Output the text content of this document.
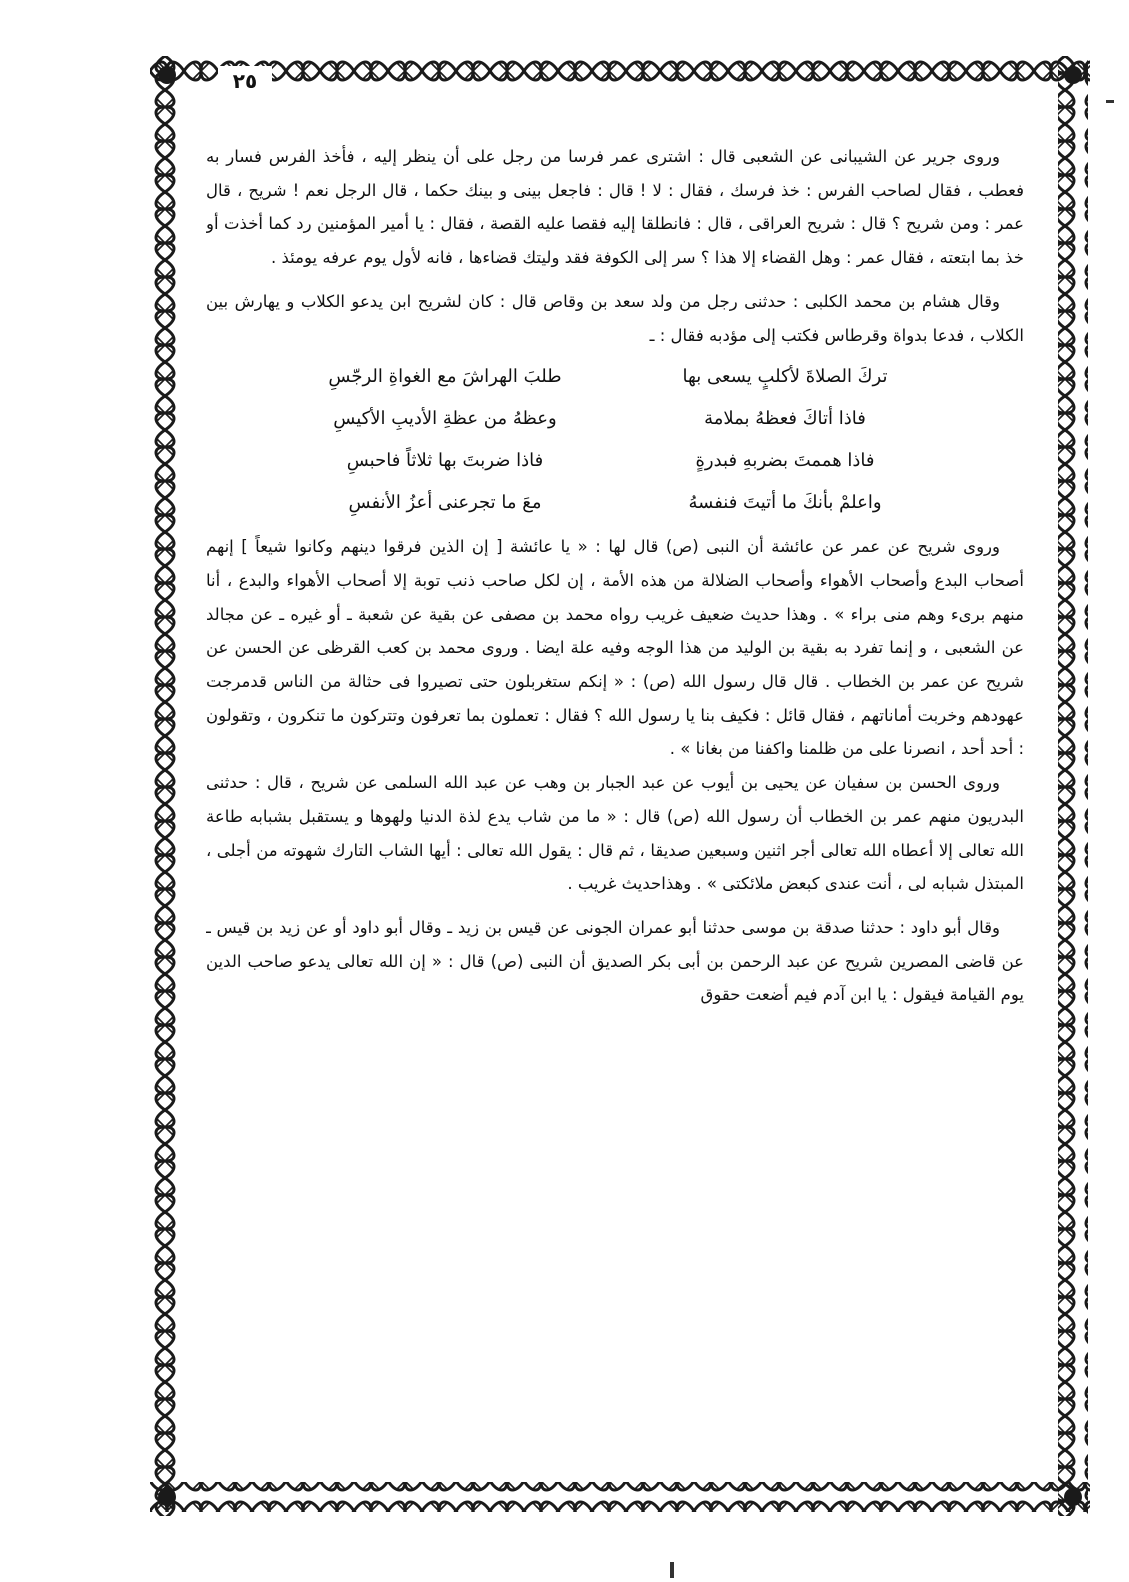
٢٥

وروى جرير عن الشيبانى عن الشعبى قال : اشترى عمر فرسا من رجل على أن ينظر إليه ، فأخذ الفرس فسار به فعطب ، فقال لصاحب الفرس : خذ فرسك ، فقال : لا ! قال : فاجعل بينى و بينك حكما ، قال الرجل نعم ! شريح ، قال عمر : ومن شريح ؟ قال : شريح العراقى ، قال : فانطلقا إليه فقصا عليه القصة ، فقال : يا أمير المؤمنين رد كما أخذت أو خذ بما ابتعته ، فقال عمر : وهل القضاء إلا هذا ؟ سر إلى الكوفة فقد وليتك قضاءها ، فانه لأول يوم عرفه يومئذ .

وقال هشام بن محمد الكلبى : حدثنى رجل من ولد سعد بن وقاص قال : كان لشريح ابن يدعو الكلاب و يهارش بين الكلاب ، فدعا بدواة وقرطاس فكتب إلى مؤدبه فقال : ـ

تركَ الصلاةَ لأكلبٍ يسعى بها
طلبَ الهراشَ مع الغواةِ الرجّسِ
فاذا أتاكَ فعظهُ بملامة
وعظهُ من عظةِ الأديبِ الأكيسِ
فاذا هممتَ بضربهِ فبدرةٍ
فاذا ضربتَ بها ثلاثاً فاحبسِ
واعلمْ بأنكَ ما أتيتَ فنفسهُ
معَ ما تجرعنى أعزُ الأنفسِ

وروى شريح عن عمر عن عائشة أن النبى (ص) قال لها : « يا عائشة [ إن الذين فرقوا دينهم وكانوا شيعاً ] إنهم أصحاب البدع وأصحاب الأهواء وأصحاب الضلالة من هذه الأمة ، إن لكل صاحب ذنب توبة إلا أصحاب الأهواء والبدع ، أنا منهم برىء وهم منى براء » . وهذا حديث ضعيف غريب رواه محمد بن مصفى عن بقية عن شعبة ـ أو غيره ـ عن مجالد عن الشعبى ، و إنما تفرد به بقية بن الوليد من هذا الوجه وفيه علة ايضا . وروى محمد بن كعب القرظى عن الحسن عن شريح عن عمر بن الخطاب . قال قال رسول الله (ص) : « إنكم ستغربلون حتى تصيروا فى حثالة من الناس قدمرجت عهودهم وخربت أماناتهم ، فقال قائل : فكيف بنا يا رسول الله ؟ فقال : تعملون بما تعرفون وتتركون ما تنكرون ، وتقولون : أحد أحد ، انصرنا على من ظلمنا واكفنا من بغانا » .

وروى الحسن بن سفيان عن يحيى بن أيوب عن عبد الجبار بن وهب عن عبد الله السلمى عن شريح ، قال : حدثنى البدريون منهم عمر بن الخطاب أن رسول الله (ص) قال : « ما من شاب يدع لذة الدنيا ولهوها و يستقبل بشبابه طاعة الله تعالى إلا أعطاه الله تعالى أجر اثنين وسبعين صديقا ، ثم قال : يقول الله تعالى : أيها الشاب التارك شهوته من أجلى ، المبتذل شبابه لى ، أنت عندى كبعض ملائكتى » . وهذاحديث غريب .

وقال أبو داود : حدثنا صدقة بن موسى حدثنا أبو عمران الجونى عن قيس بن زيد ـ وقال أبو داود أو عن زيد بن قيس ـ عن قاضى المصرين شريح عن عبد الرحمن بن أبى بكر الصديق أن النبى (ص) قال : « إن الله تعالى يدعو صاحب الدين يوم القيامة فيقول : يا ابن آدم فيم أضعت حقوق
